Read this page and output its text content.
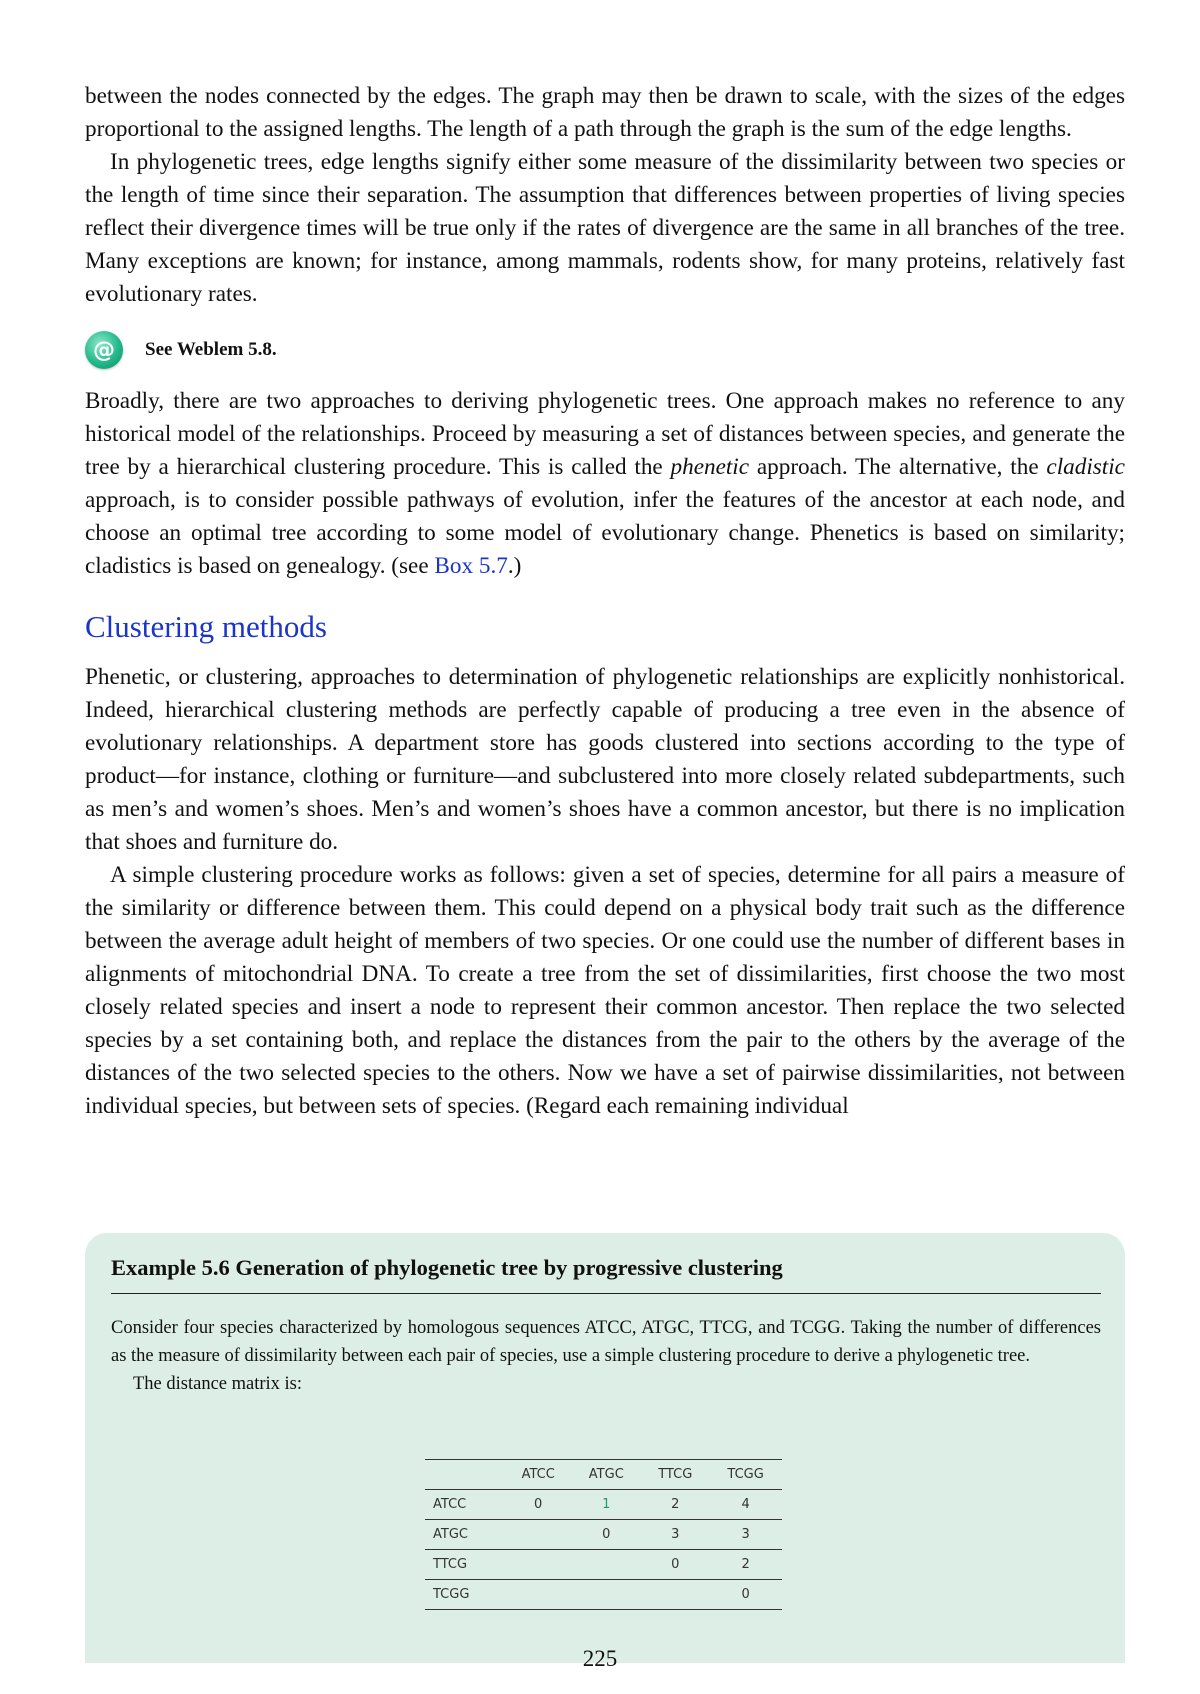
between the nodes connected by the edges. The graph may then be drawn to scale, with the sizes of the edges proportional to the assigned lengths. The length of a path through the graph is the sum of the edge lengths.

In phylogenetic trees, edge lengths signify either some measure of the dissimilarity between two species or the length of time since their separation. The assumption that differences between properties of living species reflect their divergence times will be true only if the rates of divergence are the same in all branches of the tree. Many exceptions are known; for instance, among mammals, rodents show, for many proteins, relatively fast evolutionary rates.

@	See Weblem 5.8.

Broadly, there are two approaches to deriving phylogenetic trees. One approach makes no reference to any historical model of the relationships. Proceed by measuring a set of distances between species, and generate the tree by a hierarchical clustering procedure. This is called the phenetic approach. The alternative, the cladistic approach, is to consider possible pathways of evolution, infer the features of the ancestor at each node, and choose an optimal tree according to some model of evolutionary change. Phenetics is based on similarity; cladistics is based on genealogy. (see Box 5.7.)

Clustering methods

Phenetic, or clustering, approaches to determination of phylogenetic relationships are explicitly nonhistorical. Indeed, hierarchical clustering methods are perfectly capable of producing a tree even in the absence of evolutionary relationships. A department store has goods clustered into sections according to the type of product—for instance, clothing or furniture—and subclustered into more closely related subdepartments, such as men’s and women’s shoes. Men’s and women’s shoes have a common ancestor, but there is no implication that shoes and furniture do.

A simple clustering procedure works as follows: given a set of species, determine for all pairs a measure of the similarity or difference between them. This could depend on a physical body trait such as the difference between the average adult height of members of two species. Or one could use the number of different bases in alignments of mitochondrial DNA. To create a tree from the set of dissimilarities, first choose the two most closely related species and insert a node to represent their common ancestor. Then replace the two selected species by a set containing both, and replace the distances from the pair to the others by the average of the distances of the two selected species to the others. Now we have a set of pairwise dissimilarities, not between individual species, but between sets of species. (Regard each remaining individual

Example 5.6 Generation of phylogenetic tree by progressive clustering

Consider four species characterized by homologous sequences ATCC, ATGC, TTCG, and TCGG. Taking the number of differences as the measure of dissimilarity between each pair of species, use a simple clustering procedure to derive a phylogenetic tree.

The distance matrix is:

	ATCC	ATGC	TTCG	TCGG
ATCC	0	1	2	4
ATGC		0	3	3
TTCG			0	2
TCGG				0
225
